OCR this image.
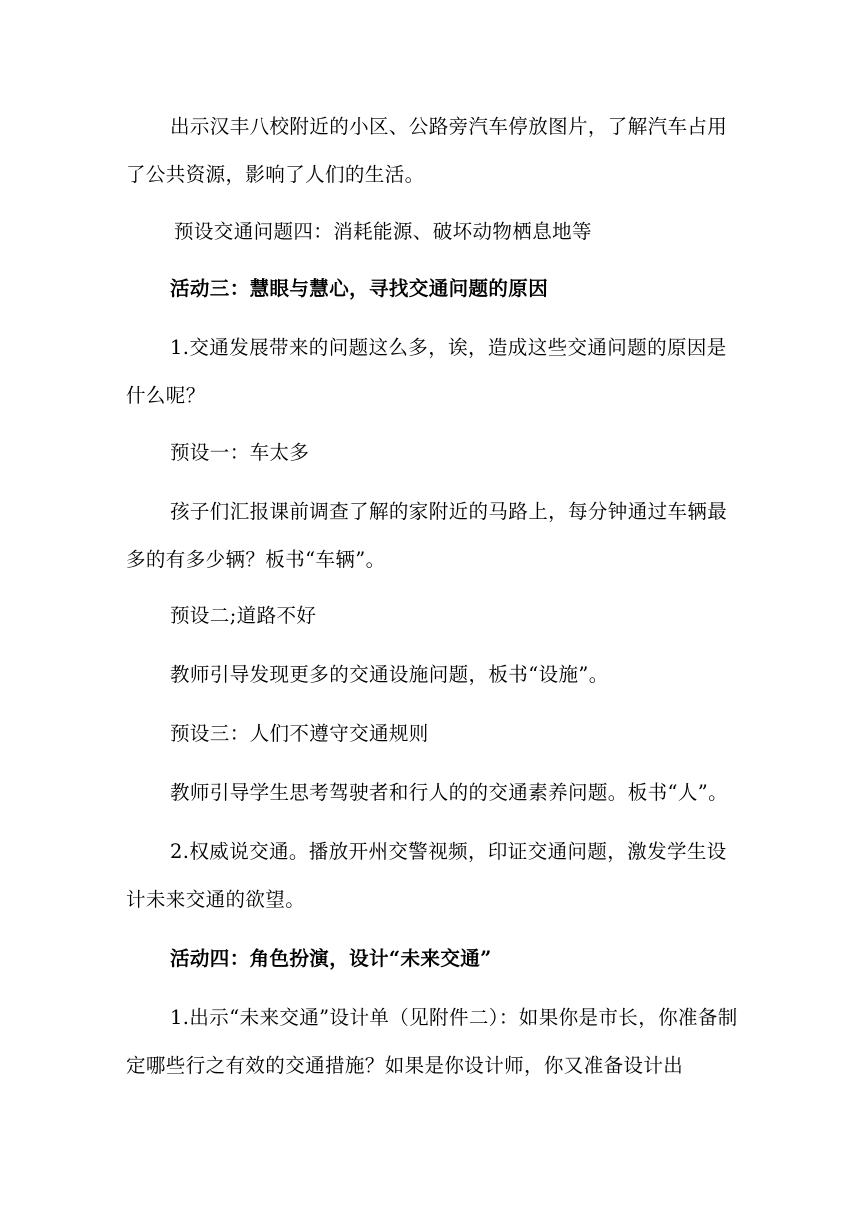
出示汉丰八校附近的小区、公路旁汽车停放图片，了解汽车占用了公共资源，影响了人们的生活。

预设交通问题四：消耗能源、破坏动物栖息地等

活动三：慧眼与慧心，寻找交通问题的原因

1.交通发展带来的问题这么多，诶，造成这些交通问题的原因是什么呢？

预设一：车太多

孩子们汇报课前调查了解的家附近的马路上，每分钟通过车辆最多的有多少辆？板书“车辆”。

预设二;道路不好

教师引导发现更多的交通设施问题，板书“设施”。

预设三：人们不遵守交通规则

教师引导学生思考驾驶者和行人的的交通素养问题。板书“人”。

2.权威说交通。播放开州交警视频，印证交通问题，激发学生设计未来交通的欲望。

活动四：角色扮演，设计“未来交通”

1.出示“未来交通”设计单（见附件二）：如果你是市长，你准备制定哪些行之有效的交通措施？如果是你设计师，你又准备设计出
